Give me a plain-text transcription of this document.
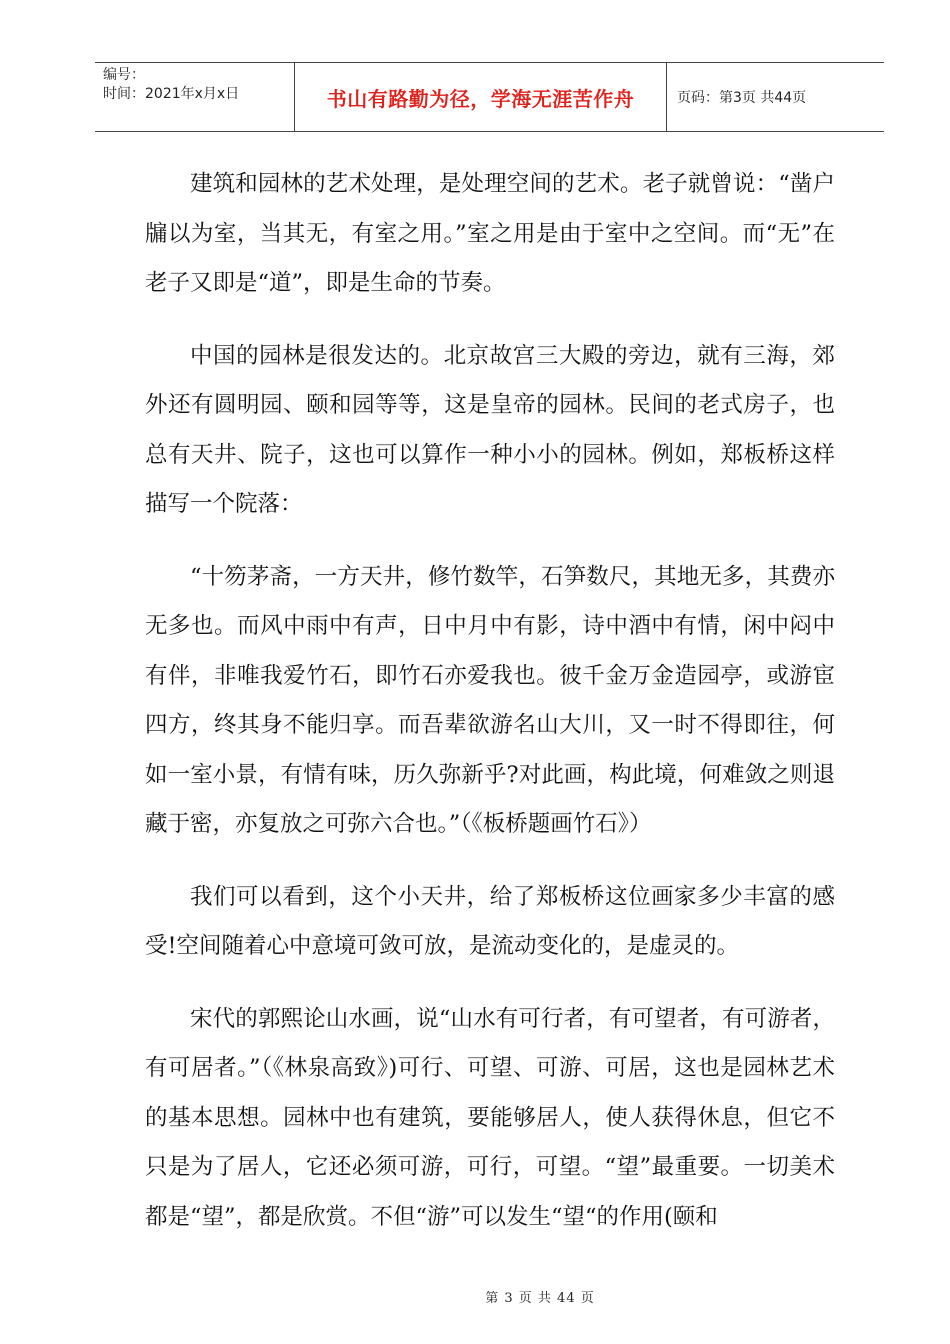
编号：
时间：2021年x月x日	书山有路勤为径，学海无涯苦作舟	页码：第3页 共44页

建筑和园林的艺术处理，是处理空间的艺术。老子就曾说：“凿户牖以为室，当其无，有室之用。”室之用是由于室中之空间。而“无”在老子又即是“道”，即是生命的节奏。

中国的园林是很发达的。北京故宫三大殿的旁边，就有三海，郊外还有圆明园、颐和园等等，这是皇帝的园林。民间的老式房子，也总有天井、院子，这也可以算作一种小小的园林。例如，郑板桥这样描写一个院落：

“十笏茅斋，一方天井，修竹数竿，石笋数尺，其地无多，其费亦无多也。而风中雨中有声，日中月中有影，诗中酒中有情，闲中闷中有伴，非唯我爱竹石，即竹石亦爱我也。彼千金万金造园亭，或游宦四方，终其身不能归享。而吾辈欲游名山大川，又一时不得即往，何如一室小景，有情有味，历久弥新乎?对此画，构此境，何难敛之则退藏于密，亦复放之可弥六合也。”（《板桥题画竹石》）

我们可以看到，这个小天井，给了郑板桥这位画家多少丰富的感受!空间随着心中意境可敛可放，是流动变化的，是虚灵的。

宋代的郭熙论山水画，说“山水有可行者，有可望者，有可游者，有可居者。”（《林泉高致》)可行、可望、可游、可居，这也是园林艺术的基本思想。园林中也有建筑，要能够居人，使人获得休息，但它不只是为了居人，它还必须可游，可行，可望。“望”最重要。一切美术都是“望”，都是欣赏。不但“游”可以发生“望“的作用(颐和

第 3 页 共 44 页
